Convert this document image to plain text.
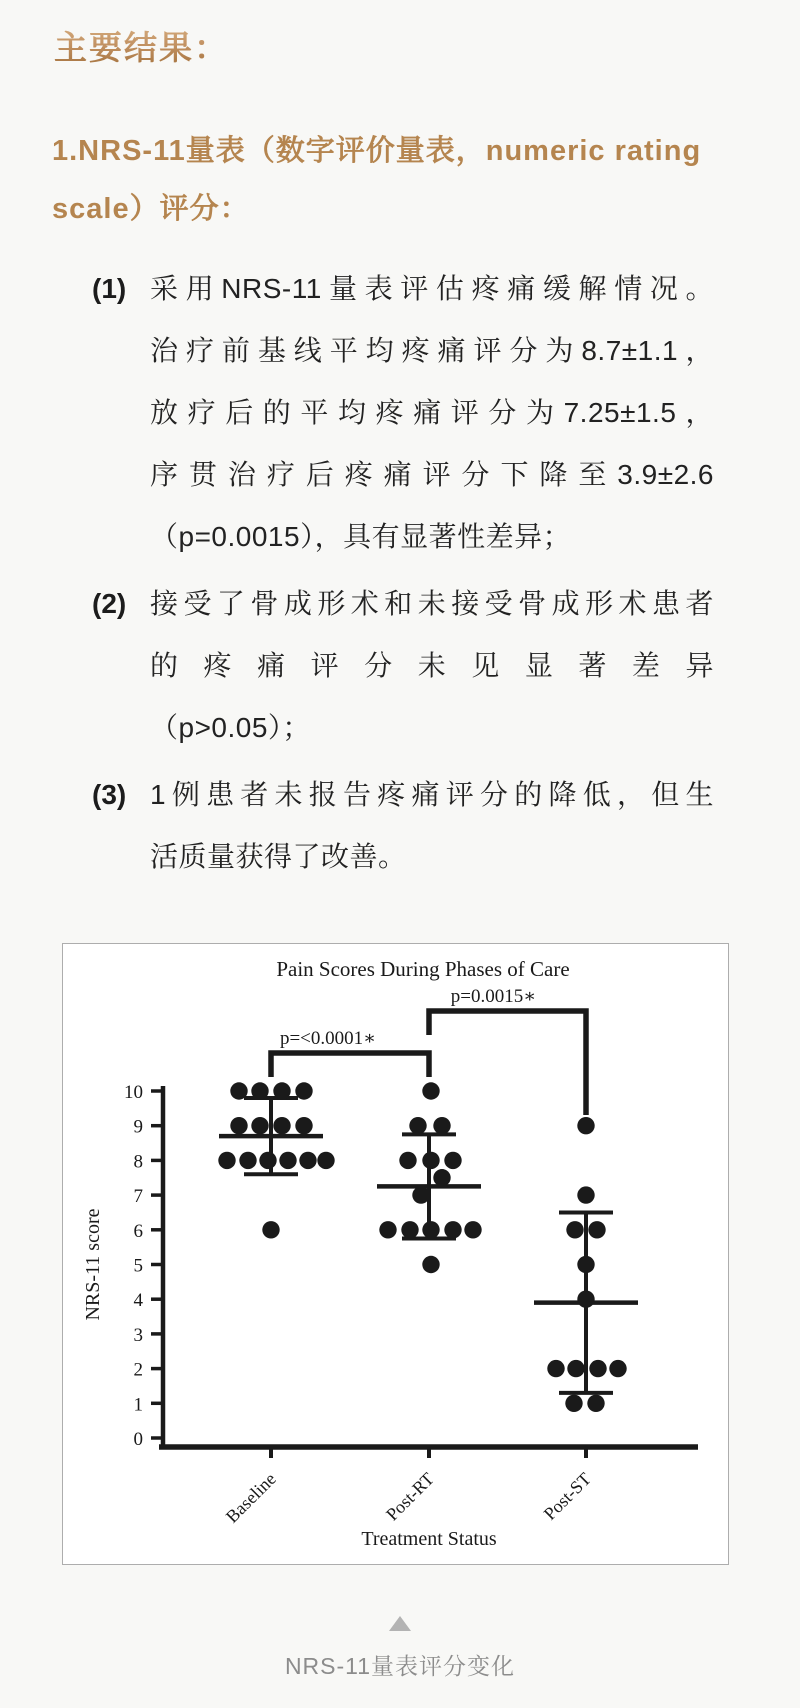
主要结果：
1.NRS-11量表（数字评价量表，numeric rating scale）评分：
(1) 采用NRS-11量表评估疼痛缓解情况。
治疗前基线平均疼痛评分为8.7±1.1，
放疗后的平均疼痛评分为7.25±1.5，
序贯治疗后疼痛评分下降至3.9±2.6
（p=0.0015），具有显著性差异；
(2) 接受了骨成形术和未接受骨成形术患者
的疼痛评分未见显著差异
（p>0.05）；
(3) 1例患者未报告疼痛评分的降低，但生
活质量获得了改善。
Pain Scores During Phases of Care
p=<0.0001∗
p=0.0015∗
0
1
2
3
4
5
6
7
8
9
10
NRS-11 score
Baseline	Post-RT	Post-ST
Treatment Status
NRS-11量表评分变化
